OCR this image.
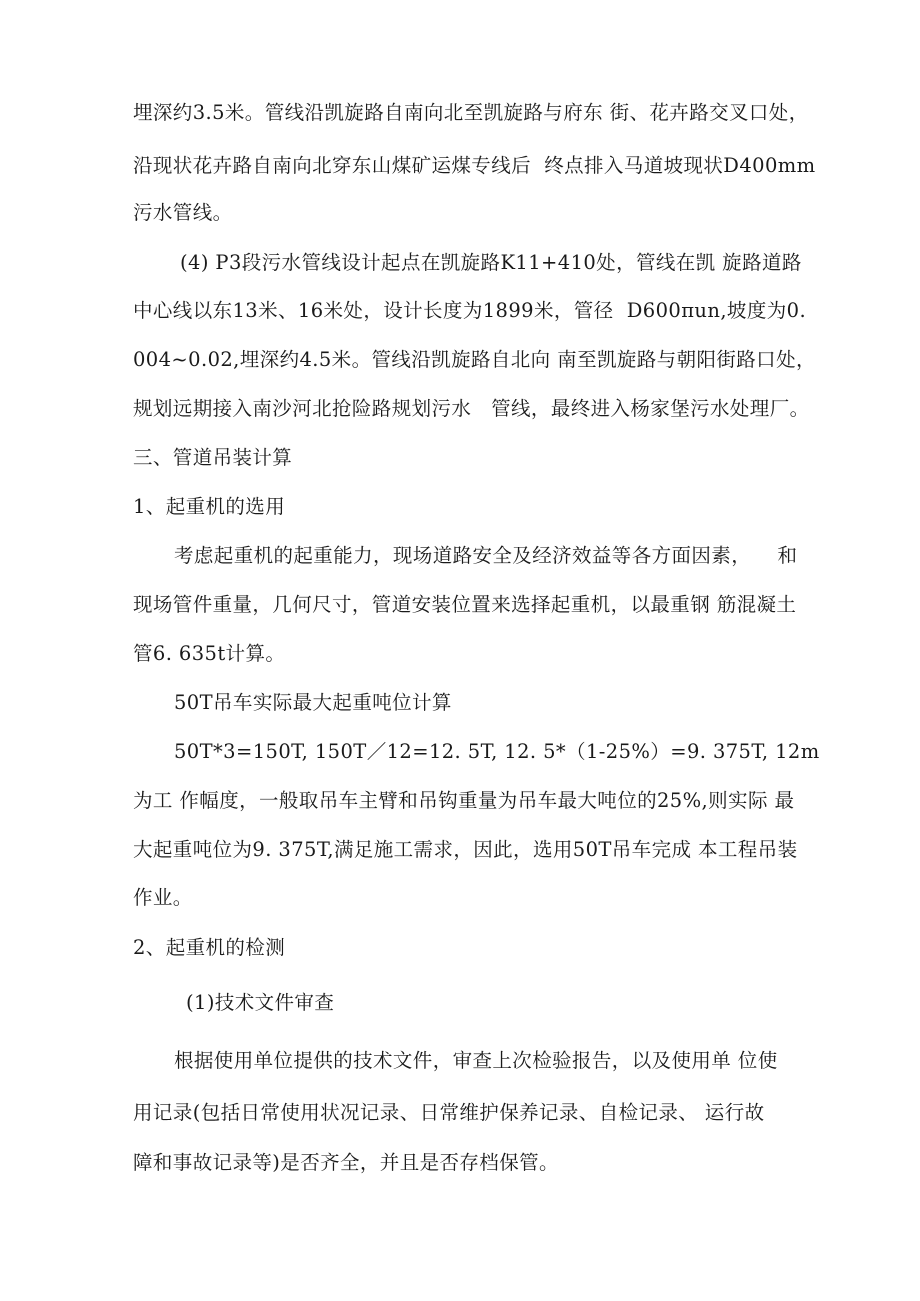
埋深约3.5米。管线沿凯旋路自南向北至凯旋路与府东 街、花卉路交叉口处，
沿现状花卉路自南向北穿东山煤矿运煤专线后  终点排入马道坡现状D400mm
污水管线。
(4) P3段污水管线设计起点在凯旋路K11+410处，管线在凯 旋路道路
中心线以东13米、16米处，设计长度为1899米，管径  D600πun,坡度为0.
004~0.02,埋深约4.5米。管线沿凯旋路自北向 南至凯旋路与朝阳街路口处，
规划远期接入南沙河北抢险路规划污水   管线，最终进入杨家堡污水处理厂。
三、管道吊装计算
1、起重机的选用
考虑起重机的起重能力，现场道路安全及经济效益等各方面因素，    和
现场管件重量，几何尺寸，管道安装位置来选择起重机，以最重钢 筋混凝土
管6. 635t计算。
50T吊车实际最大起重吨位计算
50T*3=150T, 150T／12=12. 5T, 12. 5*（1-25%）=9. 375T, 12m
为工 作幅度，一般取吊车主臂和吊钩重量为吊车最大吨位的25%,则实际 最
大起重吨位为9. 375T,满足施工需求，因此，选用50T吊车完成 本工程吊装
作业。
2、起重机的检测
(1)技术文件审查
根据使用单位提供的技术文件，审查上次检验报告，以及使用单 位使
用记录(包括日常使用状况记录、日常维护保养记录、自检记录、 运行故
障和事故记录等)是否齐全，并且是否存档保管。
